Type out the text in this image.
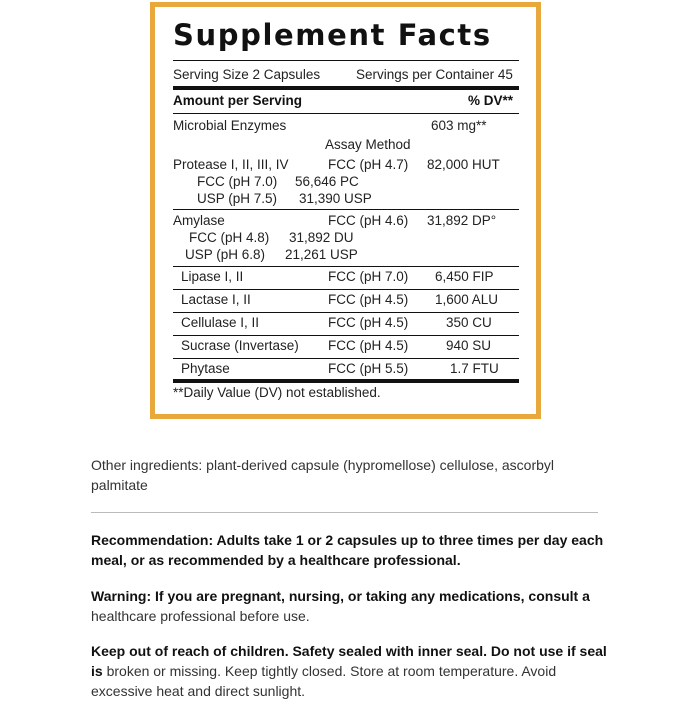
Supplement Facts
Serving Size 2 Capsules	Servings per Container 45
Amount per Serving	% DV**
Microbial Enzymes	603 mg**
Assay Method
Protease I, II, III, IV	FCC (pH 4.7) 82,000 HUT
FCC (pH 7.0) 56,646 PC
USP (pH 7.5) 31,390 USP
Amylase	FCC (pH 4.6) 31,892 DP°
FCC (pH 4.8) 31,892 DU
USP (pH 6.8) 21,261 USP
Lipase I, II	FCC (pH 7.0) 6,450 FIP
Lactase I, II	FCC (pH 4.5) 1,600 ALU
Cellulase I, II	FCC (pH 4.5)	350 CU
Sucrase (Invertase) FCC (pH 4.5)	940 SU
Phytase	FCC (pH 5.5)	1.7 FTU
**Daily Value (DV) not established.
Other ingredients: plant-derived capsule (hypromellose) cellulose, ascorbyl palmitate
Recommendation: Adults take 1 or 2 capsules up to three times per day each meal, or as recommended by a healthcare professional.
Warning: If you are pregnant, nursing, or taking any medications, consult a healthcare professional before use.
Keep out of reach of children. Safety sealed with inner seal. Do not use if seal is broken or missing. Keep tightly closed. Store at room temperature. Avoid excessive heat and direct sunlight.
